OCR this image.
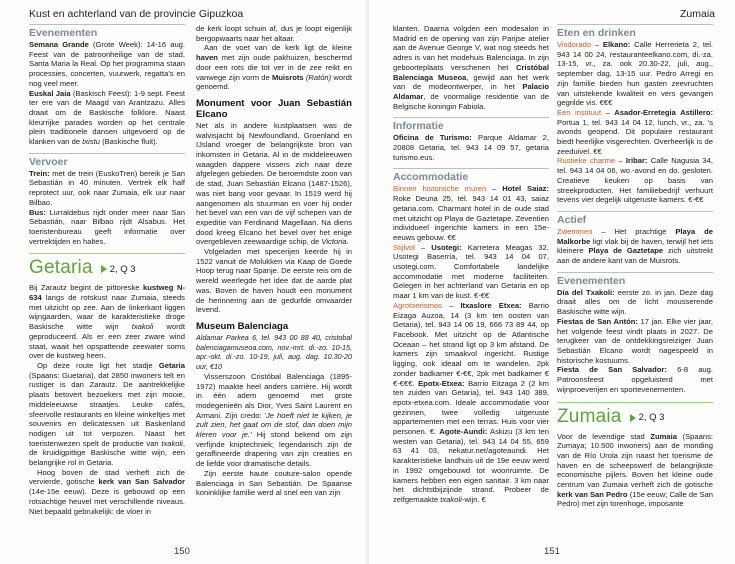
Kust en achterland van de provincie Gipuzkoa
Evenementen

Semana Grande (Grote Week): 14-16 aug. Feest van de patroonheilige van de stad, Santa Maria la Real. Op het programma staan processies, concerten, vuurwerk, regatta's en nog veel meer.

Euskal Jaia (Baskisch Feest): 1-9 sept. Feest ter ere van de Maagd van Arantzazu. Alles draait om de Baskische folklore. Naast kleurrijke parades worden op het centrale plein traditionele dansen uitgevoerd op de klanken van de txistu (Baskische fluit).

Vervoer

Trein: met de trein (EuskoTren) bereik je San Sebastián in 40 minuten. Vertrek elk half reprotect uur, ook naar Zumaia, elk uur naar Bilbao.

Bus: Lurraldebus rijdt onder meer naar San Sebastián, naar Bilbao rijdt Alsabus. Het toeristenbureau geeft informatie over vertrektijden en haltes.

Getaria 2, Q 3

Bij Zarautz begint de pittoreske kustweg N-634 langs de rotskust naar Zumaia, steeds met uitzicht op zee. Aan de linkerkant liggen wijngaarden, waar de karakteristieke droge Baskische witte wijn txakoli wordt geproduceerd. Als er een zeer zware wind staat, waait het opspattende zeewater soms over de kustweg heen.

Op deze route ligt het stadje Getaria (Spaans: Guetaria), dat 2850 inwoners telt en rustiger is dan Zarautz. De aantrekkelijke plaats betovert bezoekers met zijn mooie, middeleeuwse straatjes. Leuke cafés, sfeervolle restaurants en kleine winkeltjes met souvenirs en delicatessen uit Baskenland nodigen uit tot verpozen. Naast het toeristenwezen spelt de productie van txakoli, de kruidigpittige Baskische witte wijn, een belangrijke rol in Getaria.

Hoog boven de stad verheft zich de vervierde, gotische kerk van San Salvador (14e-15e eeuw). Deze is gebouwd op een rotsachtige heuvel met verschillende niveaus. Niet bepaald gebruikelijk: de vloer in

de kerk loopt schuin af, dus je loopt eigenlijk bergopwaarts naar het altaar.

Aan de voet van de kerk ligt de kleine haven met zijn oude pakhuizen, beschermd door een rots die tot ver in de zee reikt en vanwege zijn vorm de Muisrots (Ratón) wordt genoemd.

Monument voor Juan Sebastián Elcano

Net als in andere kustplaatsen was de walvisjacht bij Newfoundland, Groenland en IJsland vroeger de belangrijkste bron van inkomsten in Getaria. Al in de middeleeuwen waagden dappere vissers zich naar deze afgelegen gebieden. De beroemdste zoon van de stad, Juan Sebastián Elcano (1487-1526), was niet bang voor gevaar. In 1519 werd hij aangenomen als stuurman en voer hij onder het bevel van een van de vijf schepen van de expeditie van Ferdinand Magellaan. Na diens dood kreeg Elcano het bevel over het enige overgebleven zeewaardige schip, de Victoria.

Volgeladen met specerijen keerde hij in 1522 vanuit de Molukken via Kaap de Goede Hoop terug naar Spanje. De eerste reis om de wereld weerlegde het idee dat de aarde plat was. Boven de haven houdt een monument de herinnering aan de gedurfde omvaarder levend.

Museum Balenciaga

Aldamar Parkea 6, tel. 943 00 88 40, cristobal balenciagamuseoa.com, nov.-mrt. di.-zo. 10-15, apr.-okt. di.-zo. 10-19, juli, aug. dag. 10.30-20 uur, €10

Visserszoon Cristóbal Balenciaga (1895-1972) maakte heel anders carrière. Hij wordt in één adem genoemd met grote modegenieën als Dior, Yves Saint Laurent en Armani. Zijn credo: 'Je hoeft niet te kijken, je zult zien, het gaat om de stof, dan doen mijn kleren voor je.' Hij stond bekend om zijn verfijnde kniptechniek; legendarisch zijn de geraffineerde drapering van zijn creaties en de liefde voor dramatische details.

Zijn eerste haute couture-salon opende Balenciaga in San Sebastián. De Spaanse koninklijke familie werd al snel een van zijn

150
Zumaia

klanten. Daarna volgden een modesalon in Madrid en de opening van zijn Parijse atelier aan de Avenue George V, wat nog steeds het adres is van het modehuis Balenciaga. In zijn geboorteplaats verschenen het Cristóbal Balenciaga Museoa, gewijd aan het werk van de modeontwerper, in het Palacio Aldamar, de voormalige residentie van de Belgische koningin Fabiola.

Informatie

Oficina de Turismo: Parque Aldamar 2, 20808 Getaria, tel. 943 14 09 57, getaria turismo.eus.

Accommodatie

Binnen historische muren – Hotel Saiaz: Roke Deuna 25, tel. 943 14 01 43, saiaz getaria.com. Charmant hotel in de oude stad met uitzicht op Playa de Gaztetape. Zeventien individueel ingerichte kamers in een 15e-eeuws gebouw. €€

Stijlvol – Usotegi: Karretera Meagas 32, Usotegi Baserria, tel. 943 14 04 07, usotegi.com. Comfortabele landelijke accommodatie met moderne faciliteiten. Gelegen in het achterland van Getaria en op maar 1 km van de kust. €-€€

Agrotoerismos – Itxaslore Etxea: Barrio Eizaga Auzoa, 14 (3 km ten oosten van Getaria), tel. 943 14 06 19, 666 73 89 44, op Facebook. Met uitzicht op de Atlantische Oceaan – het strand ligt op 3 km afstand. De kamers zijn smaakvol ingericht. Rustige ligging, ook ideaal om te wandelen. 2pk zonder badkamer €-€€, 2pk met badkamer €€-€€€. Epotx-Etxea: Barrio Eitzaga 2 (2 km ten zuiden van Getaria), tel. 943 140 389, epotx-etxea.com. Ideale accommodatie voor gezinnen, twee volledig uitgeruste appartementen met een terras. Huis voor vier personen. €. Agote-Aundi: Askizu (3 km ten westen van Getaria), tel. 943 14 04 55, 659 63 41 03, nekatur.net/agoteaundi. Het karakteristieke landhuis uit de 19e eeuw werd in 1992 omgebouwd tot woonruimte. De kamers hebben een eigen sanitair. 3 km naar het dichtstbijzijnde strand. Probeer de zelfgemaakte txakoli-wijn. €

Eten en drinken

Visdorado – Elkano: Calle Herrerieta 2, tel. 943 14 00 24, restauranteelkano.com, di.-za. 13-15, vr., za. ook 20.30-22, juli, aug., september dag. 13-15 uur. Pedro Arregi en zijn familie bieden hun gasten zeevruchten van uitstekende kwaliteit en vers gevangen gegrilde vis. €€€

Een instituut – Asador-Erretegia Astillero: Portua 1, tel. 943 14 04 12, lunch, vr., za. 's avonds geopend. Dit populaire restaurant biedt heerlijke visgerechten. Overheerlijk is de zeeduivel. €€

Rustieke charme – Iribar: Calle Nagusia 34, tel. 943 14 04 06, wo.-avond en do. gesloten. Creatieve keuken op basis van streekproducten. Het familiebedrijf verhuurt tevens vier degelijk uitgeruste kamers. €-€€

Actief

Zwemmen – Het prachtige Playa de Malkorbe ligt vlak bij de haven, terwijl het iets kleinere Playa de Gaztetape zich uitstrekt aan de andere kant van de Muisrots.

Evenementen

Día del Txakoli: eerste zo. in jan. Deze dag draait alles om de licht mousserende Baskische witte wijn.

Fiestas de San Antón: 17 jan. Elke vier jaar, het volgende feest vindt plaats in 2027. De terugkeer van de ontdekkingsreiziger Juan Sebastián Elcano wordt nagespeeld in historische kostuums.

Fiesta de San Salvador: 6-8 aug. Patroonsfeest opgeluisterd met wijnproeverijen en sportevenementen.

Zumaia 2, Q 3

Voor de levendige stad Zumaia (Spaans: Zumaya; 10.500 inwoners) aan de monding van de Río Urola zijn naast het toerisme de haven en de scheepswerf de belangrijkste economische pijlers. Boven het kleine oude centrum van Zumaia verheft zich de gotische kerk van San Pedro (15e eeuw; Calle de San Pedro) met zijn torenhoge, imposante

151
